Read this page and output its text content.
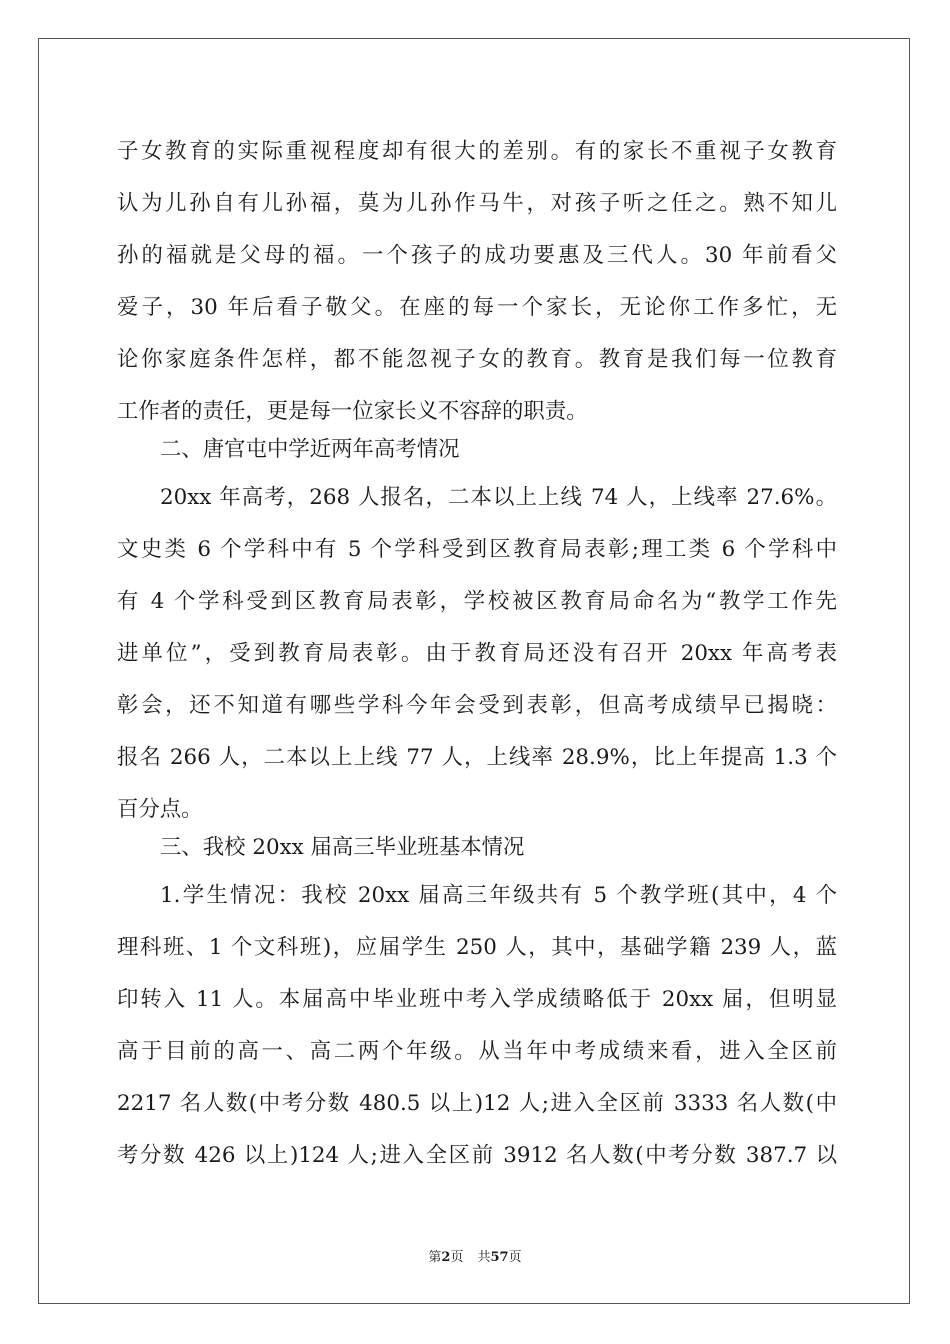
子女教育的实际重视程度却有很大的差别。有的家长不重视子女教育
认为儿孙自有儿孙福，莫为儿孙作马牛，对孩子听之任之。熟不知儿
孙的福就是父母的福。一个孩子的成功要惠及三代人。30 年前看父
爱子，30 年后看子敬父。在座的每一个家长，无论你工作多忙，无
论你家庭条件怎样，都不能忽视子女的教育。教育是我们每一位教育
工作者的责任，更是每一位家长义不容辞的职责。
二、唐官屯中学近两年高考情况
20xx 年高考，268 人报名，二本以上上线 74 人，上线率 27.6%。
文史类 6 个学科中有 5 个学科受到区教育局表彰;理工类 6 个学科中
有 4 个学科受到区教育局表彰，学校被区教育局命名为“教学工作先
进单位”，受到教育局表彰。由于教育局还没有召开 20xx 年高考表
彰会，还不知道有哪些学科今年会受到表彰，但高考成绩早已揭晓：
报名 266 人，二本以上上线 77 人，上线率 28.9%，比上年提高 1.3 个
百分点。
三、我校 20xx 届高三毕业班基本情况
1.学生情况：我校 20xx 届高三年级共有 5 个教学班(其中，4 个
理科班、1 个文科班)，应届学生 250 人，其中，基础学籍 239 人，蓝
印转入 11 人。本届高中毕业班中考入学成绩略低于 20xx 届，但明显
高于目前的高一、高二两个年级。从当年中考成绩来看，进入全区前
2217 名人数(中考分数 480.5 以上)12 人;进入全区前 3333 名人数(中
考分数 426 以上)124 人;进入全区前 3912 名人数(中考分数 387.7 以
第2页 共57页
